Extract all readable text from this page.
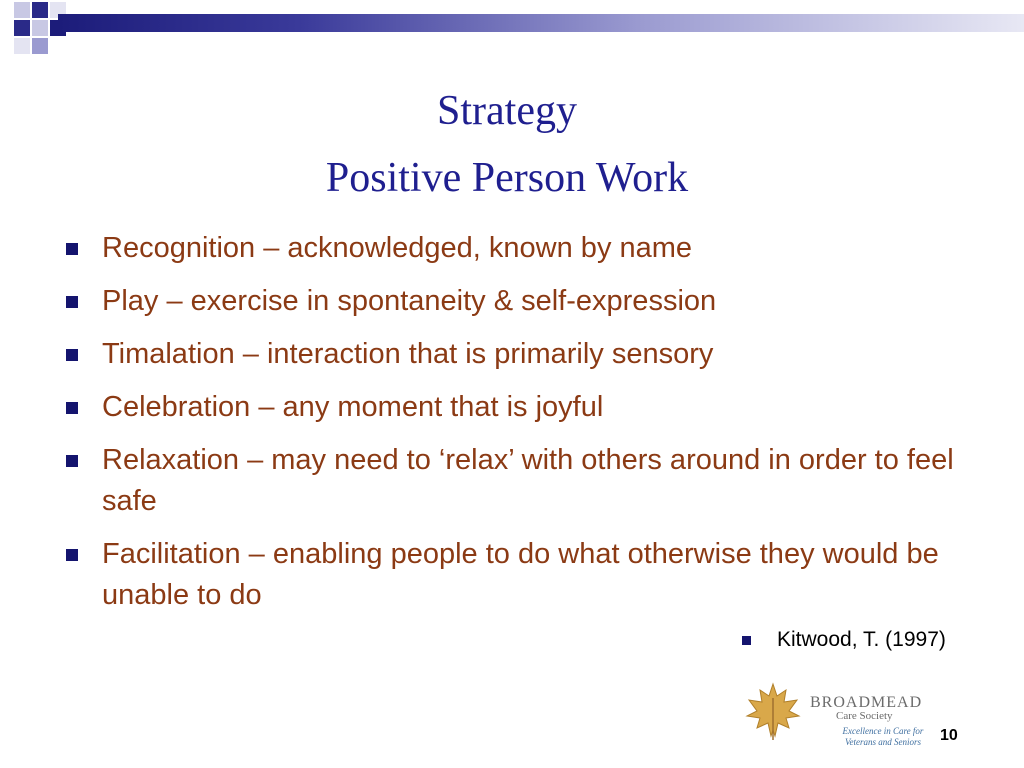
Strategy
Positive Person Work
Recognition – acknowledged, known by name
Play – exercise in spontaneity & self-expression
Timalation – interaction that is primarily sensory
Celebration – any moment that is joyful
Relaxation – may need to ‘relax’ with others around in order to feel safe
Facilitation – enabling people to do what otherwise they would be unable to do
Kitwood, T. (1997)
BROADMEAD
Care Society
Excellence in Care for Veterans and Seniors	10
